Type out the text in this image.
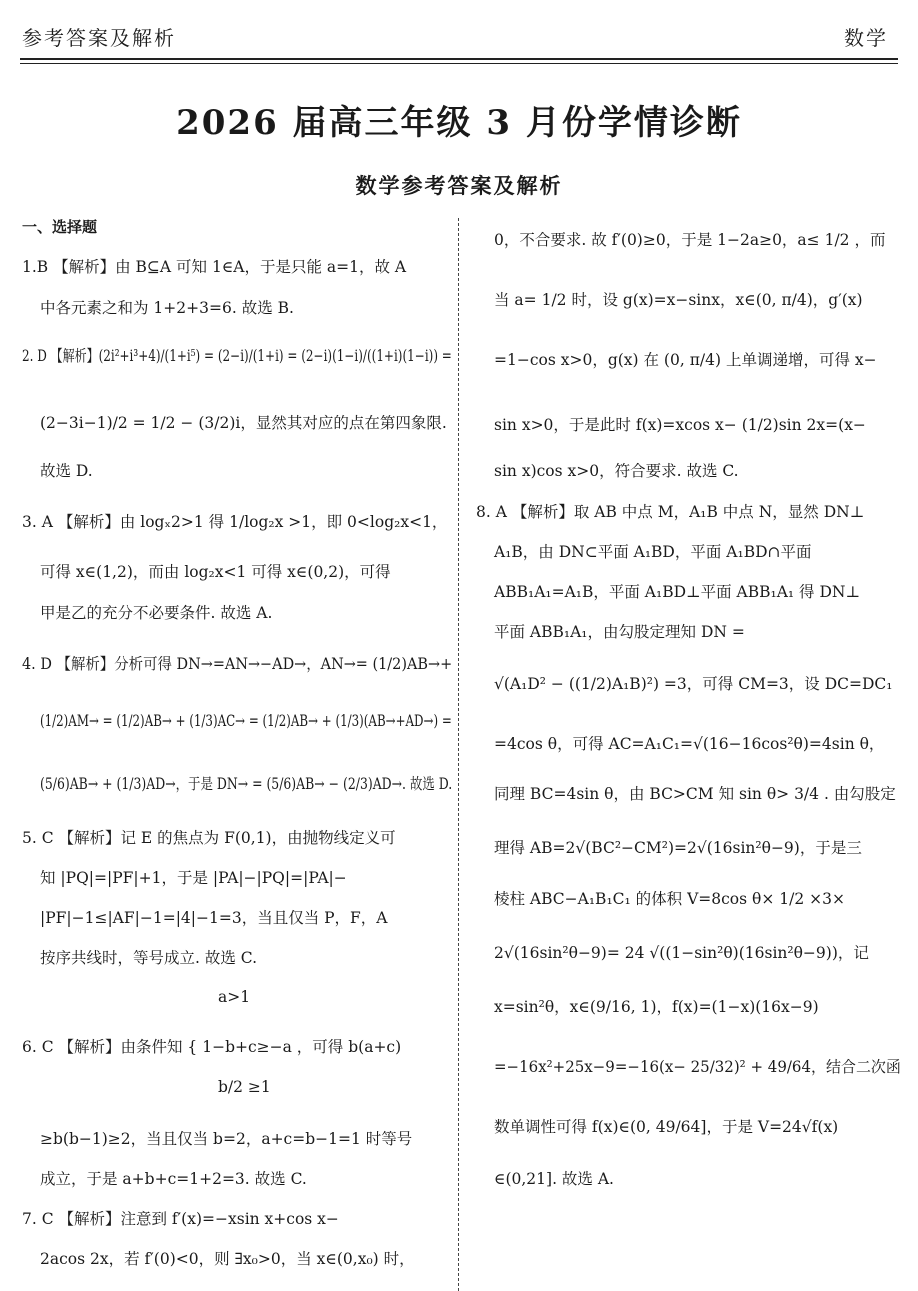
参考答案及解析	数学
2026 届高三年级 3 月份学情诊断
数学参考答案及解析
一、选择题
1.B 【解析】由 B⊆A 可知 1∈A，于是只能 a=1，故 A
中各元素之和为 1+2+3=6. 故选 B.
2. D 【解析】(2i²+i³+4)/(1+i⁵) = (2−i)/(1+i) = (2−i)(1−i)/((1+i)(1−i)) =
(2−3i−1)/2 = 1/2 − (3/2)i，显然其对应的点在第四象限.
故选 D.
3. A 【解析】由 logₓ2>1 得 1/log₂x >1，即 0<log₂x<1，
可得 x∈(1,2)，而由 log₂x<1 可得 x∈(0,2)，可得
甲是乙的充分不必要条件. 故选 A.
4. D 【解析】分析可得 DN→=AN→−AD→，AN→= (1/2)AB→+
(1/2)AM→ = (1/2)AB→ + (1/3)AC→ = (1/2)AB→ + (1/3)(AB→+AD→) =
(5/6)AB→ + (1/3)AD→，于是 DN→ = (5/6)AB→ − (2/3)AD→. 故选 D.
5. C 【解析】记 E 的焦点为 F(0,1)，由抛物线定义可
知 |PQ|=|PF|+1，于是 |PA|−|PQ|=|PA|−
|PF|−1≤|AF|−1=|4|−1=3，当且仅当 P，F，A
按序共线时，等号成立. 故选 C.
a>1
6. C 【解析】由条件知 { 1−b+c≥−a ，可得 b(a+c)
b/2 ≥1
≥b(b−1)≥2，当且仅当 b=2，a+c=b−1=1 时等号
成立，于是 a+b+c=1+2=3. 故选 C.
7. C 【解析】注意到 f′(x)=−xsin x+cos x−
2acos 2x，若 f′(0)<0，则 ∃x₀>0，当 x∈(0,x₀) 时，
0，不合要求. 故 f′(0)≥0，于是 1−2a≥0，a≤ 1/2 ，而
当 a= 1/2 时，设 g(x)=x−sinx，x∈(0, π/4)，g′(x)
=1−cos x>0，g(x) 在 (0, π/4) 上单调递增，可得 x−
sin x>0，于是此时 f(x)=xcos x− (1/2)sin 2x=(x−
sin x)cos x>0，符合要求. 故选 C.
8. A 【解析】取 AB 中点 M，A₁B 中点 N，显然 DN⊥
A₁B，由 DN⊂平面 A₁BD，平面 A₁BD∩平面
ABB₁A₁=A₁B，平面 A₁BD⊥平面 ABB₁A₁ 得 DN⊥
平面 ABB₁A₁，由勾股定理知 DN =
√(A₁D² − ((1/2)A₁B)²) =3，可得 CM=3，设 DC=DC₁
=4cos θ，可得 AC=A₁C₁=√(16−16cos²θ)=4sin θ，
同理 BC=4sin θ，由 BC>CM 知 sin θ> 3/4 . 由勾股定
理得 AB=2√(BC²−CM²)=2√(16sin²θ−9)，于是三
棱柱 ABC−A₁B₁C₁ 的体积 V=8cos θ× 1/2 ×3×
2√(16sin²θ−9)= 24 √((1−sin²θ)(16sin²θ−9))，记
x=sin²θ，x∈(9/16, 1)，f(x)=(1−x)(16x−9)
=−16x²+25x−9=−16(x− 25/32)² + 49/64，结合二次函
数单调性可得 f(x)∈(0, 49/64]，于是 V=24√f(x)
∈(0,21]. 故选 A.
